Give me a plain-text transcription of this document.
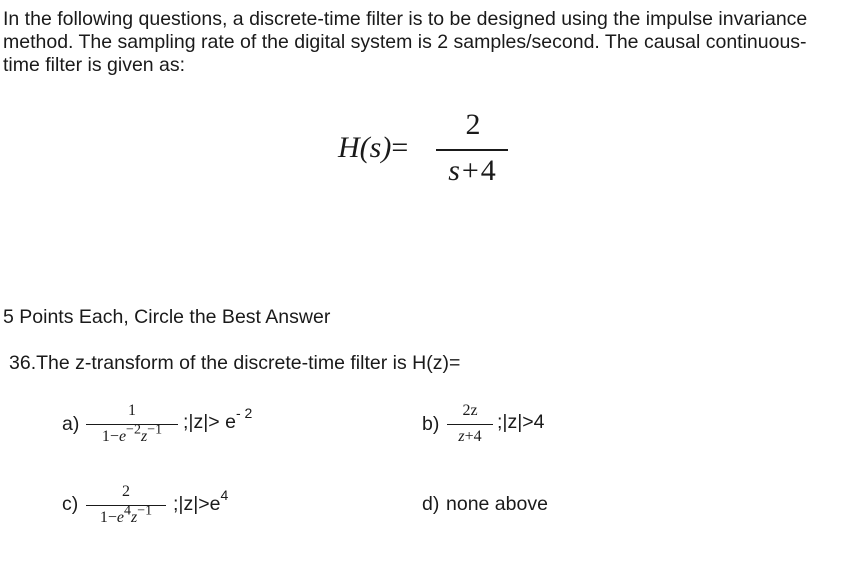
In the following questions, a discrete-time filter is to be designed using the impulse invariance method. The sampling rate of the digital system is 2 samples/second. The causal continuous-time filter is given as:

H(s)=
2
s+4

5 Points Each, Circle the Best Answer

36.The z-transform of the discrete-time filter is H(z)=

a)
1
$1-e^{-2}z^{-1}$	;|z|> $e^{- 2}$	b)
2z
z+4
;|z|>4
c)
2
$1-e^4z^{-1}$	$;|z|>e^4$	d) none above
